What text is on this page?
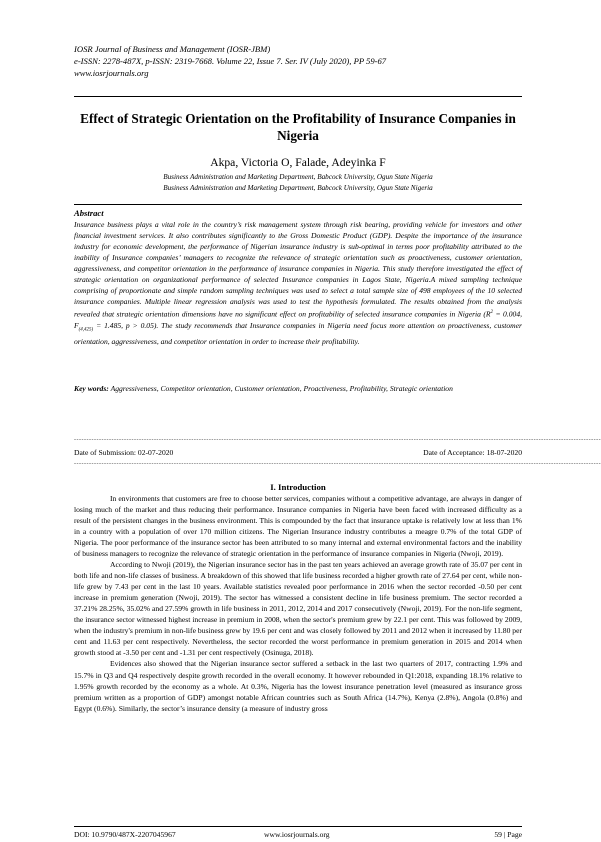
IOSR Journal of Business and Management (IOSR-JBM)
e-ISSN: 2278-487X, p-ISSN: 2319-7668. Volume 22, Issue 7. Ser. IV (July 2020), PP 59-67
www.iosrjournals.org
Effect of Strategic Orientation on the Profitability of Insurance Companies in Nigeria
Akpa, Victoria O, Falade, Adeyinka F
Business Administration and Marketing Department, Babcock University, Ogun State Nigeria
Business Administration and Marketing Department, Babcock University, Ogun State Nigeria
Abstract

Insurance business plays a vital role in the country’s risk management system through risk bearing, providing vehicle for investors and other financial investment services. It also contributes significantly to the Gross Domestic Product (GDP). Despite the importance of the insurance industry for economic development, the performance of Nigerian insurance industry is sub-optimal in terms poor profitability attributed to the inability of Insurance companies’ managers to recognize the relevance of strategic orientation such as proactiveness, customer orientation, aggressiveness, and competitor orientation in the performance of insurance companies in Nigeria. This study therefore investigated the effect of strategic orientation on organizational performance of selected Insurance companies in Lagos State, Nigeria.A mixed sampling technique comprising of proportionate and simple random sampling techniques was used to select a total sample size of 498 employees of the 10 selected insurance companies. Multiple linear regression analysis was used to test the hypothesis formulated. The results obtained from the analysis revealed that strategic orientation dimensions have no significant effect on profitability of selected insurance companies in Nigeria ($R^2 = 0.004$, $F_{(4,425)} = 1.485$, p > 0.05). The study recommends that Insurance companies in Nigeria need focus more attention on proactiveness, customer orientation, aggressiveness, and competitor orientation in order to increase their profitability.

Key words: Aggressiveness, Competitor orientation, Customer orientation, Proactiveness, Profitability, Strategic orientation
-------------------------------------------------------------------------------------------------------------------------------------------------------------------------------------------------------------------
Date of Submission: 02-07-2020	Date of Acceptance: 18-07-2020
-------------------------------------------------------------------------------------------------------------------------------------------------------------------------------------------------------------------
I. Introduction

In environments that customers are free to choose better services, companies without a competitive advantage, are always in danger of losing much of the market and thus reducing their performance. Insurance companies in Nigeria have been faced with increased difficulty as a result of the persistent changes in the business environment. This is compounded by the fact that insurance uptake is relatively low at less than 1% in a country with a population of over 170 million citizens. The Nigerian Insurance industry contributes a meagre 0.7% of the total GDP of Nigeria. The poor performance of the insurance sector has been attributed to so many internal and external environmental factors and the inability of business managers to recognize the relevance of strategic orientation in the performance of insurance companies in Nigeria (Nwoji, 2019).

According to Nwoji (2019), the Nigerian insurance sector has in the past ten years achieved an average growth rate of 35.07 per cent in both life and non-life classes of business. A breakdown of this showed that life business recorded a higher growth rate of 27.64 per cent, while non-life grew by 7.43 per cent in the last 10 years. Available statistics revealed poor performance in 2016 when the sector recorded -0.50 per cent increase in premium generation (Nwoji, 2019). The sector has witnessed a consistent decline in life business premium. The sector recorded a 37.21% 28.25%, 35.02% and 27.59% growth in life business in 2011, 2012, 2014 and 2017 consecutively (Nwoji, 2019). For the non-life segment, the insurance sector witnessed highest increase in premium in 2008, when the sector's premium grew by 22.1 per cent. This was followed by 2009, when the industry's premium in non-life business grew by 19.6 per cent and was closely followed by 2011 and 2012 when it increased by 11.80 per cent and 11.63 per cent respectively. Nevertheless, the sector recorded the worst performance in premium generation in 2015 and 2014 when growth stood at -3.50 per cent and -1.31 per cent respectively (Osinuga, 2018).

Evidences also showed that the Nigerian insurance sector suffered a setback in the last two quarters of 2017, contracting 1.9% and 15.7% in Q3 and Q4 respectively despite growth recorded in the overall economy. It however rebounded in Q1:2018, expanding 18.1% relative to 1.95% growth recorded by the economy as a whole. At 0.3%, Nigeria has the lowest insurance penetration level (measured as insurance gross premium written as a proportion of GDP) amongst notable African countries such as South Africa (14.7%), Kenya (2.8%), Angola (0.8%) and Egypt (0.6%). Similarly, the sector’s insurance density (a measure of industry gross

DOI: 10.9790/487X-2207045967	www.iosrjournals.org	59 | Page
